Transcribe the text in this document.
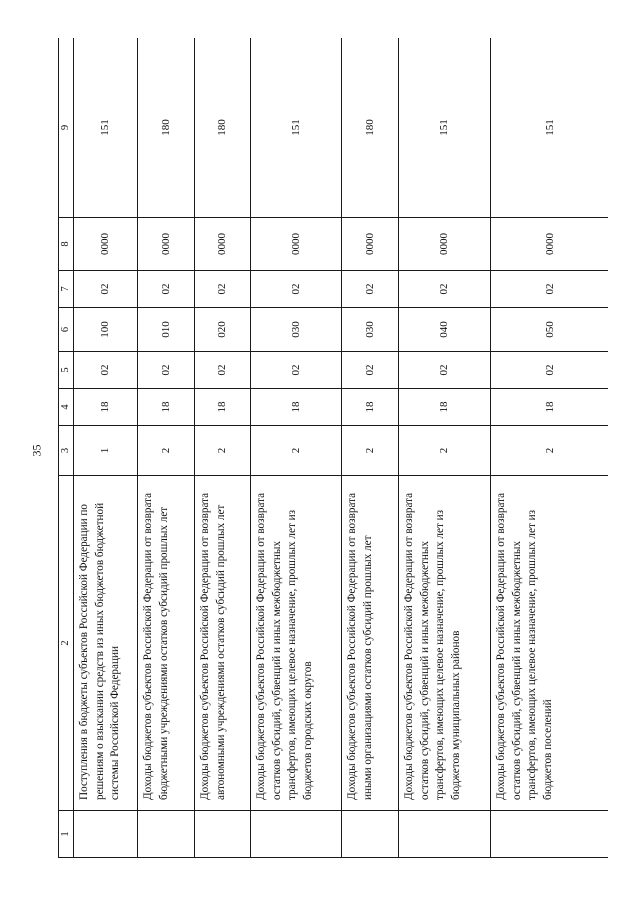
35
1	2	3	4	5	6	7	8	9
	Поступления в бюджеты субъектов Российской Федерации по решениям о взыскании средств из иных бюджетов бюджетной системы Российской Федерации	1	18	02	100	02	0000	151
	Доходы бюджетов субъектов Российской Федерации от возврата бюджетными учреждениями остатков субсидий прошлых лет	2	18	02	010	02	0000	180
	Доходы бюджетов субъектов Российской Федерации от возврата автономными учреждениями остатков субсидий прошлых лет	2	18	02	020	02	0000	180
	Доходы бюджетов субъектов Российской Федерации от возврата остатков субсидий, субвенций и иных межбюджетных трансфертов, имеющих целевое назначение, прошлых лет из бюджетов городских округов	2	18	02	030	02	0000	151
	Доходы бюджетов субъектов Российской Федерации от возврата иными организациями остатков субсидий прошлых лет	2	18	02	030	02	0000	180
	Доходы бюджетов субъектов Российской Федерации от возврата остатков субсидий, субвенций и иных межбюджетных трансфертов, имеющих целевое назначение, прошлых лет из бюджетов муниципальных районов	2	18	02	040	02	0000	151
	Доходы бюджетов субъектов Российской Федерации от возврата остатков субсидий, субвенций и иных межбюджетных трансфертов, имеющих целевое назначение, прошлых лет из бюджетов поселений	2	18	02	050	02	0000	151
